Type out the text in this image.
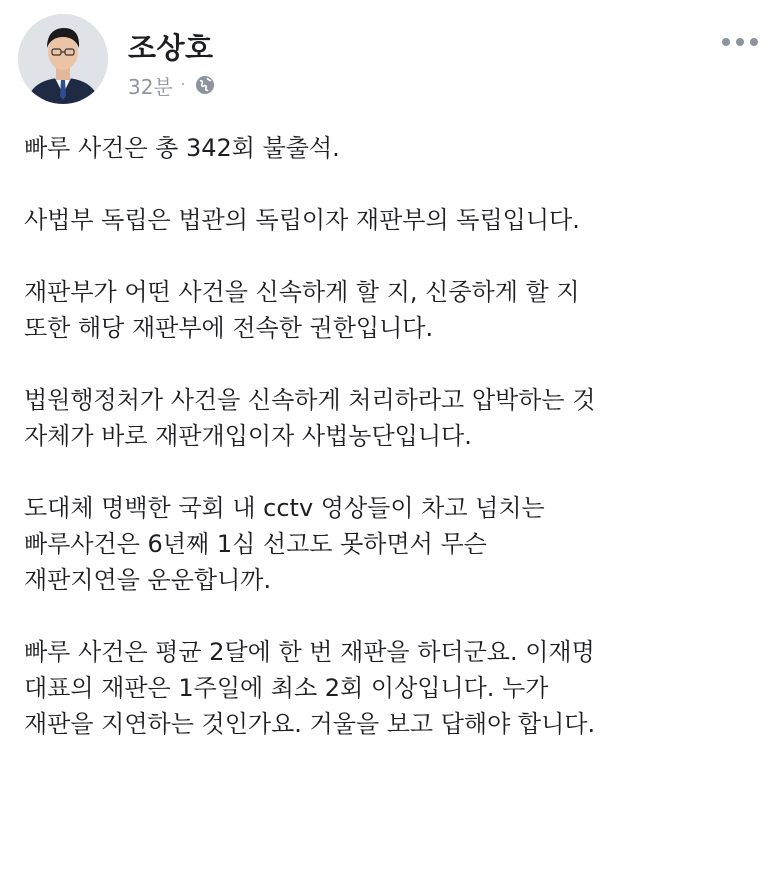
조상호
32분 ·
빠루 사건은 총 342회 불출석.
사법부 독립은 법관의 독립이자 재판부의 독립입니다.
재판부가 어떤 사건을 신속하게 할 지, 신중하게 할 지
또한 해당 재판부에 전속한 권한입니다.
법원행정처가 사건을 신속하게 처리하라고 압박하는 것
자체가 바로 재판개입이자 사법농단입니다.
도대체 명백한 국회 내 cctv 영상들이 차고 넘치는
빠루사건은 6년째 1심 선고도 못하면서 무슨
재판지연을 운운합니까.
빠루 사건은 평균 2달에 한 번 재판을 하더군요. 이재명
대표의 재판은 1주일에 최소 2회 이상입니다. 누가
재판을 지연하는 것인가요. 거울을 보고 답해야 합니다.
